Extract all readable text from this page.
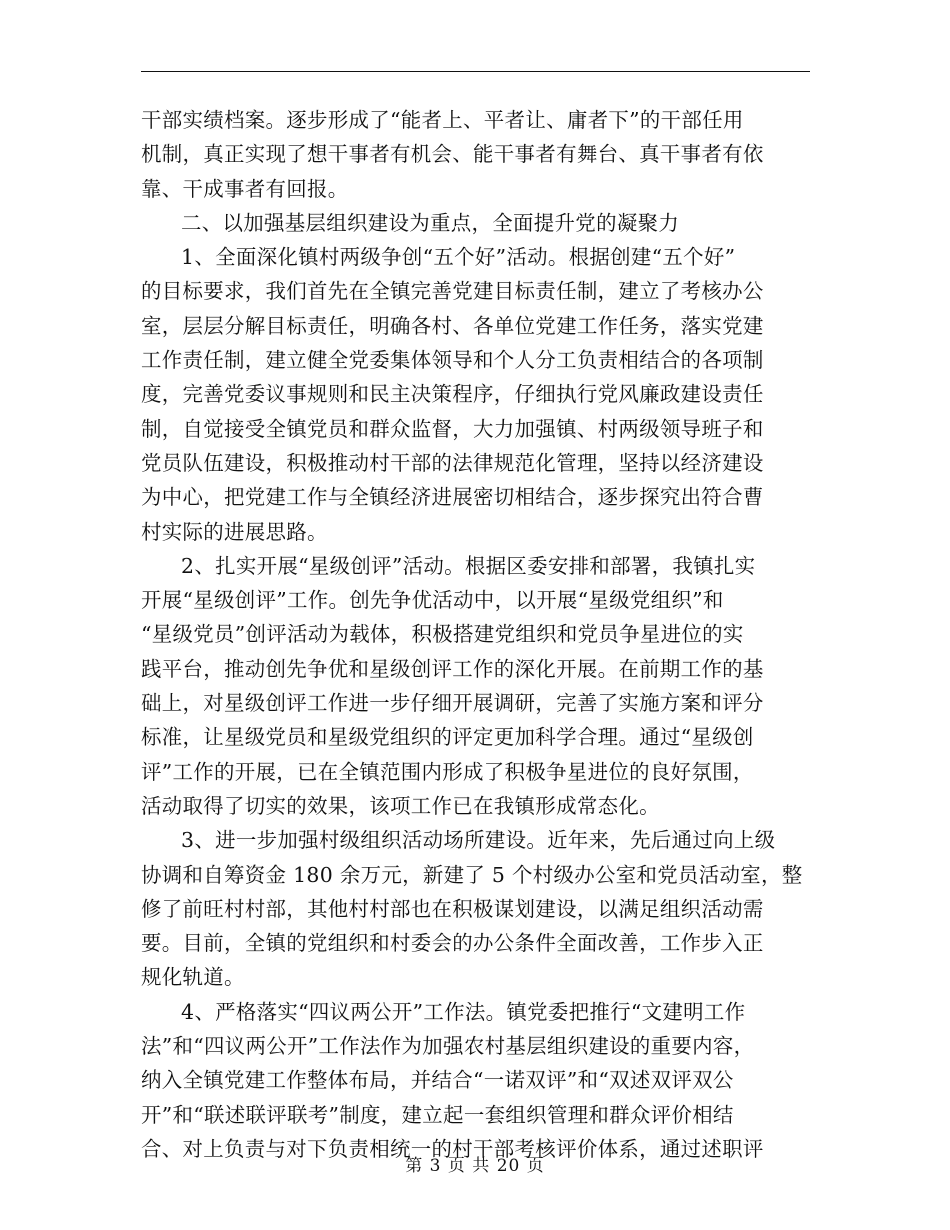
干部实绩档案。逐步形成了“能者上、平者让、庸者下”的干部任用
机制，真正实现了想干事者有机会、能干事者有舞台、真干事者有依
靠、干成事者有回报。
二、以加强基层组织建设为重点，全面提升党的凝聚力
1、全面深化镇村两级争创“五个好”活动。根据创建“五个好”
的目标要求，我们首先在全镇完善党建目标责任制，建立了考核办公
室，层层分解目标责任，明确各村、各单位党建工作任务，落实党建
工作责任制，建立健全党委集体领导和个人分工负责相结合的各项制
度，完善党委议事规则和民主决策程序，仔细执行党风廉政建设责任
制，自觉接受全镇党员和群众监督，大力加强镇、村两级领导班子和
党员队伍建设，积极推动村干部的法律规范化管理，坚持以经济建设
为中心，把党建工作与全镇经济进展密切相结合，逐步探究出符合曹
村实际的进展思路。
2、扎实开展“星级创评”活动。根据区委安排和部署，我镇扎实
开展“星级创评”工作。创先争优活动中，以开展“星级党组织”和
“星级党员”创评活动为载体，积极搭建党组织和党员争星进位的实
践平台，推动创先争优和星级创评工作的深化开展。在前期工作的基
础上，对星级创评工作进一步仔细开展调研，完善了实施方案和评分
标准，让星级党员和星级党组织的评定更加科学合理。通过“星级创
评”工作的开展，已在全镇范围内形成了积极争星进位的良好氛围，
活动取得了切实的效果，该项工作已在我镇形成常态化。
3、进一步加强村级组织活动场所建设。近年来，先后通过向上级
协调和自筹资金 180 余万元，新建了 5 个村级办公室和党员活动室，整
修了前旺村村部，其他村村部也在积极谋划建设，以满足组织活动需
要。目前，全镇的党组织和村委会的办公条件全面改善，工作步入正
规化轨道。
4、严格落实“四议两公开”工作法。镇党委把推行“文建明工作
法”和“四议两公开”工作法作为加强农村基层组织建设的重要内容，
纳入全镇党建工作整体布局，并结合“一诺双评”和“双述双评双公
开”和“联述联评联考”制度，建立起一套组织管理和群众评价相结
合、对上负责与对下负责相统一的村干部考核评价体系，通过述职评
第 3 页 共 20 页
